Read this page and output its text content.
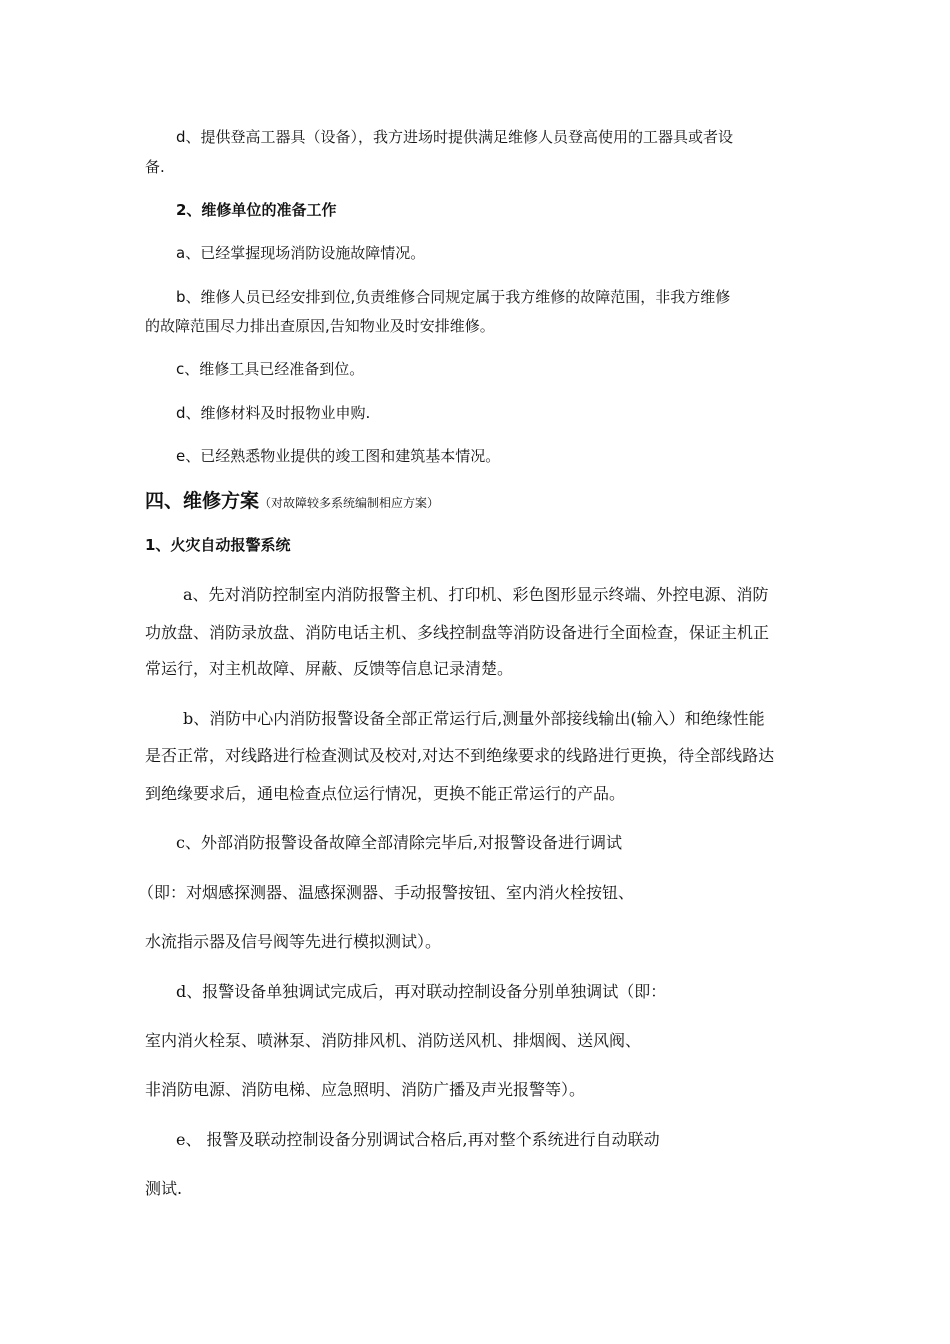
d、提供登高工器具（设备），我方进场时提供满足维修人员登高使用的工器具或者设

备.

2、维修单位的准备工作

a、已经掌握现场消防设施故障情况。

b、维修人员已经安排到位,负责维修合同规定属于我方维修的故障范围，非我方维修

的故障范围尽力排出查原因,告知物业及时安排维修。

c、维修工具已经准备到位。

d、维修材料及时报物业申购.

e、已经熟悉物业提供的竣工图和建筑基本情况。

四、维修方案（对故障较多系统编制相应方案）

1、火灾自动报警系统

a、先对消防控制室内消防报警主机、打印机、彩色图形显示终端、外控电源、消防

功放盘、消防录放盘、消防电话主机、多线控制盘等消防设备进行全面检查，保证主机正

常运行，对主机故障、屏蔽、反馈等信息记录清楚。

b、消防中心内消防报警设备全部正常运行后,测量外部接线输出(输入）和绝缘性能

是否正常，对线路进行检查测试及校对,对达不到绝缘要求的线路进行更换，待全部线路达

到绝缘要求后，通电检查点位运行情况，更换不能正常运行的产品。

c、外部消防报警设备故障全部清除完毕后,对报警设备进行调试

（即：对烟感探测器、温感探测器、手动报警按钮、室内消火栓按钮、

水流指示器及信号阀等先进行模拟测试）。

d、报警设备单独调试完成后，再对联动控制设备分别单独调试（即：

室内消火栓泵、喷淋泵、消防排风机、消防送风机、排烟阀、送风阀、

非消防电源、消防电梯、应急照明、消防广播及声光报警等）。

e、 报警及联动控制设备分别调试合格后,再对整个系统进行自动联动

测试.
